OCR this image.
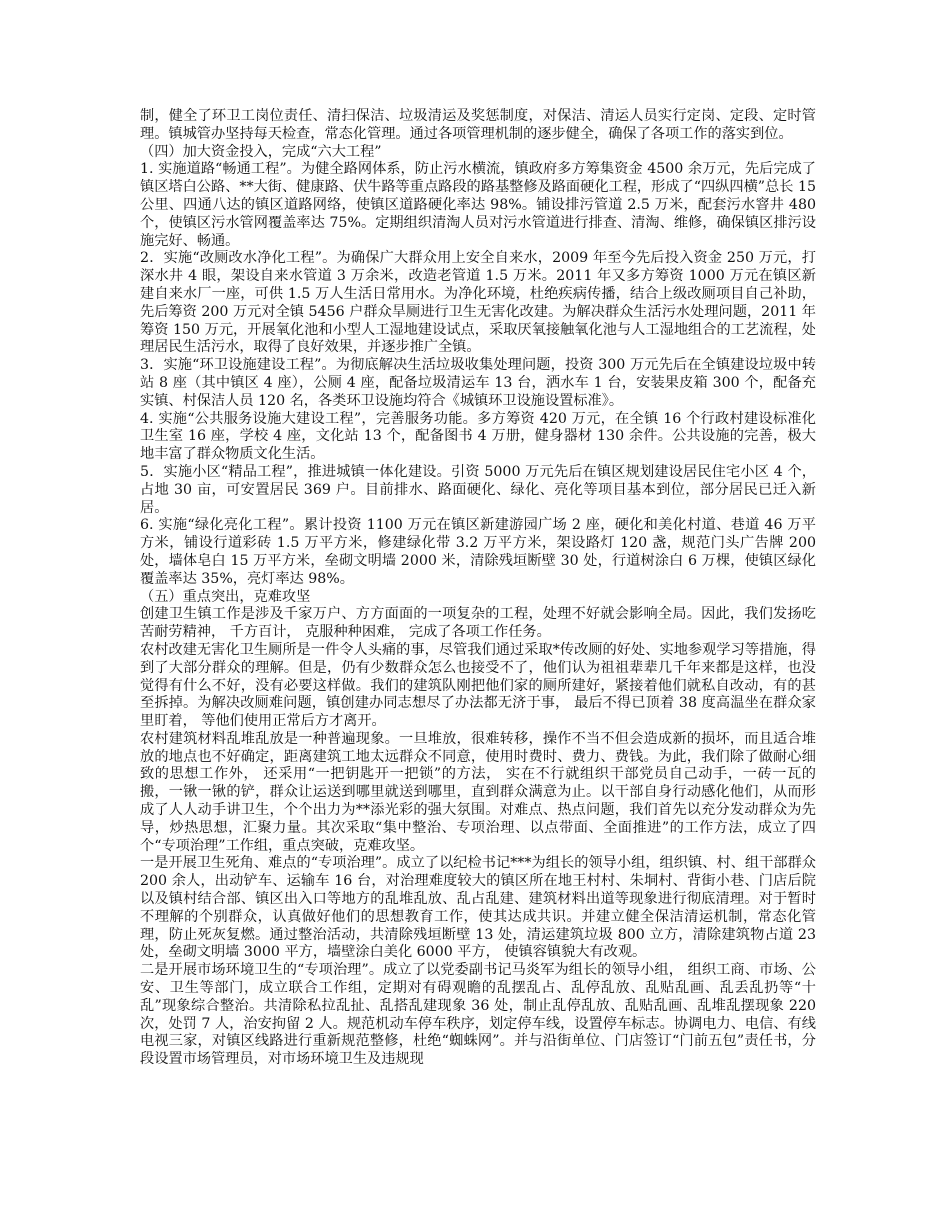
制，健全了环卫工岗位责任、清扫保洁、垃圾清运及奖惩制度，对保洁、清运人员实行定岗、定段、定时管理。镇城管办坚持每天检查，常态化管理。通过各项管理机制的逐步健全，确保了各项工作的落实到位。

（四）加大资金投入，完成“六大工程”

1. 实施道路“畅通工程”。为健全路网体系，防止污水横流，镇政府多方筹集资金 4500 余万元，先后完成了镇区塔白公路、**大街、健康路、伏牛路等重点路段的路基整修及路面硬化工程，形成了“四纵四横”总长 15 公里、四通八达的镇区道路网络，使镇区道路硬化率达 98%。铺设排污管道 2.5 万米，配套污水窨井 480 个，使镇区污水管网覆盖率达 75%。定期组织清淘人员对污水管道进行排查、清淘、维修，确保镇区排污设施完好、畅通。

2．实施“改厕改水净化工程”。为确保广大群众用上安全自来水，2009 年至今先后投入资金 250 万元，打深水井 4 眼，架设自来水管道 3 万余米，改造老管道 1.5 万米。2011 年又多方筹资 1000 万元在镇区新建自来水厂一座，可供 1.5 万人生活日常用水。为净化环境，杜绝疾病传播，结合上级改厕项目自己补助，先后筹资 200 万元对全镇 5456 户群众旱厕进行卫生无害化改建。为解决群众生活污水处理问题，2011 年筹资 150 万元，开展氧化池和小型人工湿地建设试点，采取厌氧接触氧化池与人工湿地组合的工艺流程，处理居民生活污水，取得了良好效果，并逐步推广全镇。

3．实施“环卫设施建设工程”。为彻底解决生活垃圾收集处理问题，投资 300 万元先后在全镇建设垃圾中转站 8 座（其中镇区 4 座），公厕 4 座，配备垃圾清运车 13 台，洒水车 1 台，安装果皮箱 300 个，配备充实镇、村保洁人员 120 名，各类环卫设施均符合《城镇环卫设施设置标准》。

4. 实施“公共服务设施大建设工程”，完善服务功能。多方筹资 420 万元，在全镇 16 个行政村建设标准化卫生室 16 座，学校 4 座，文化站 13 个，配备图书 4 万册，健身器材 130 余件。公共设施的完善，极大地丰富了群众物质文化生活。

5．实施小区“精品工程”，推进城镇一体化建设。引资 5000 万元先后在镇区规划建设居民住宅小区 4 个，占地 30 亩，可安置居民 369 户。目前排水、路面硬化、绿化、亮化等项目基本到位，部分居民已迁入新居。

6. 实施“绿化亮化工程”。累计投资 1100 万元在镇区新建游园广场 2 座，硬化和美化村道、巷道 46 万平方米，铺设行道彩砖 1.5 万平方米，修建绿化带 3.2 万平方米，架设路灯 120 盏，规范门头广告牌 200 处，墙体皂白 15 万平方米，垒砌文明墙 2000 米，清除残垣断壁 30 处，行道树涂白 6 万棵，使镇区绿化覆盖率达 35%，亮灯率达 98%。

（五）重点突出，克难攻坚

创建卫生镇工作是涉及千家万户、方方面面的一项复杂的工程，处理不好就会影响全局。因此，我们发扬吃苦耐劳精神， 千方百计， 克服种种困难， 完成了各项工作任务。

农村改建无害化卫生厕所是一件令人头痛的事，尽管我们通过采取*传改厕的好处、实地参观学习等措施，得到了大部分群众的理解。但是，仍有少数群众怎么也接受不了，他们认为祖祖辈辈几千年来都是这样，也没觉得有什么不好，没有必要这样做。我们的建筑队刚把他们家的厕所建好，紧接着他们就私自改动，有的甚至拆掉。为解决改厕难问题，镇创建办同志想尽了办法都无济于事， 最后不得已顶着 38 度高温坐在群众家里盯着， 等他们使用正常后方才离开。

农村建筑材料乱堆乱放是一种普遍现象。一旦堆放，很难转移，操作不当不但会造成新的损坏，而且适合堆放的地点也不好确定，距离建筑工地太远群众不同意，使用时费时、费力、费钱。为此，我们除了做耐心细致的思想工作外， 还采用“一把钥匙开一把锁”的方法， 实在不行就组织干部党员自己动手，一砖一瓦的搬，一锹一锹的铲，群众让运送到哪里就送到哪里，直到群众满意为止。以干部自身行动感化他们，从而形成了人人动手讲卫生，个个出力为**添光彩的强大氛围。对难点、热点问题，我们首先以充分发动群众为先导，炒热思想，汇聚力量。其次采取“集中整治、专项治理、以点带面、全面推进”的工作方法，成立了四个“专项治理”工作组，重点突破，克难攻坚。

一是开展卫生死角、难点的“专项治理”。成立了以纪检书记***为组长的领导小组，组织镇、村、组干部群众 200 余人，出动铲车、运输车 16 台，对治理难度较大的镇区所在地王村村、朱垌村、背街小巷、门店后院以及镇村结合部、镇区出入口等地方的乱堆乱放、乱占乱建、建筑材料出道等现象进行彻底清理。对于暂时不理解的个别群众，认真做好他们的思想教育工作，使其达成共识。并建立健全保洁清运机制，常态化管理，防止死灰复燃。通过整治活动，共清除残垣断壁 13 处，清运建筑垃圾 800 立方，清除建筑物占道 23 处，垒砌文明墙 3000 平方，墙壁涂白美化 6000 平方， 使镇容镇貌大有改观。

二是开展市场环境卫生的“专项治理”。成立了以党委副书记马炎军为组长的领导小组， 组织工商、市场、公安、卫生等部门，成立联合工作组，定期对有碍观瞻的乱摆乱占、乱停乱放、乱贴乱画、乱丢乱扔等“十乱”现象综合整治。共清除私拉乱扯、乱搭乱建现象 36 处，制止乱停乱放、乱贴乱画、乱堆乱摆现象 220 次，处罚 7 人，治安拘留 2 人。规范机动车停车秩序，划定停车线，设置停车标志。协调电力、电信、有线电视三家，对镇区线路进行重新规范整修，杜绝“蜘蛛网”。并与沿街单位、门店签订“门前五包”责任书，分段设置市场管理员，对市场环境卫生及违规现
